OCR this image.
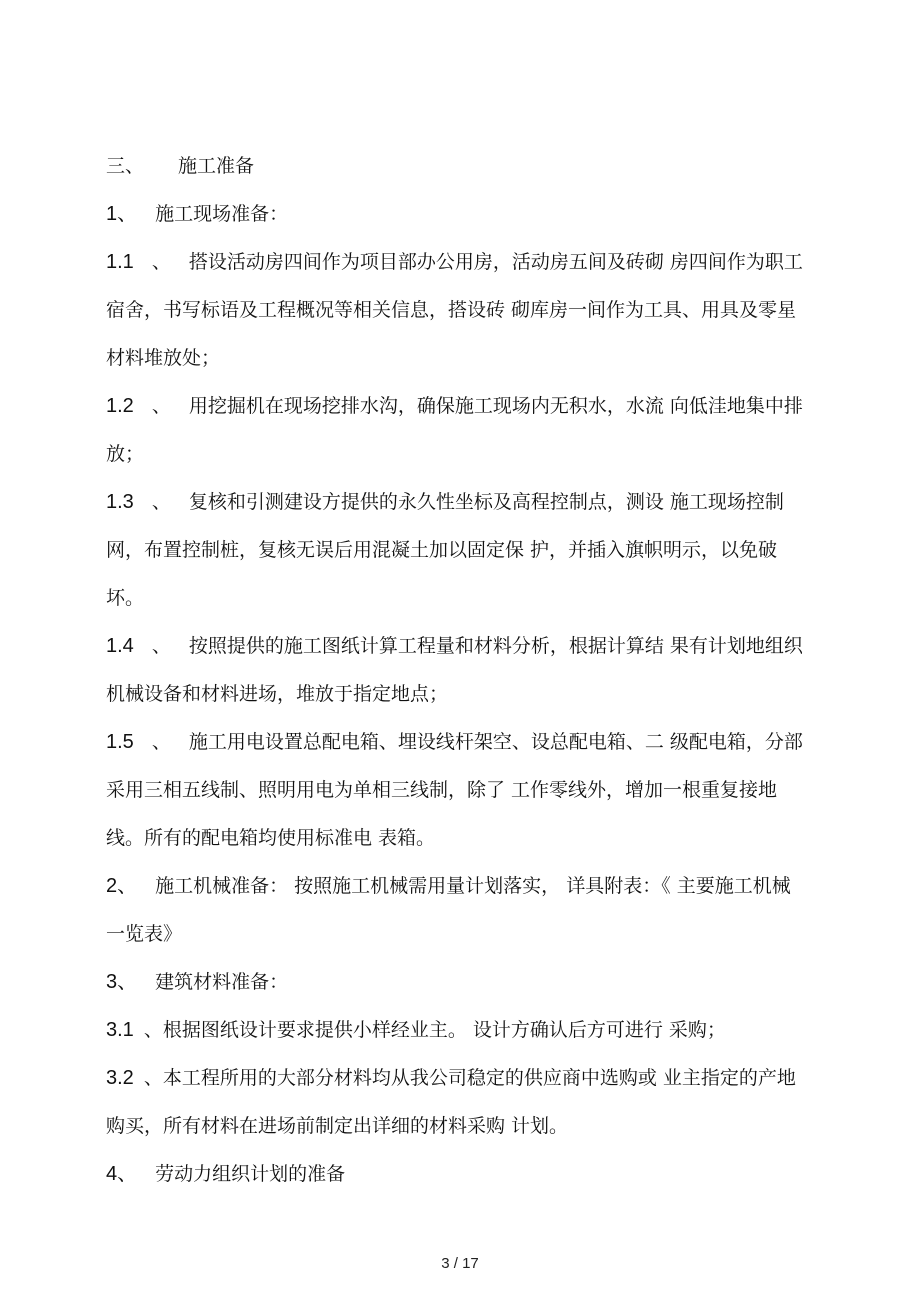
三、 施工准备

1、 施工现场准备：

1.1 、 搭设活动房四间作为项目部办公用房，活动房五间及砖砌 房四间作为职工宿舍，书写标语及工程概况等相关信息，搭设砖 砌库房一间作为工具、用具及零星材料堆放处；

1.2 、 用挖掘机在现场挖排水沟，确保施工现场内无积水，水流 向低洼地集中排放；

1.3 、 复核和引测建设方提供的永久性坐标及高程控制点，测设 施工现场控制网，布置控制桩，复核无误后用混凝土加以固定保 护，并插入旗帜明示，以免破坏。

1.4 、 按照提供的施工图纸计算工程量和材料分析，根据计算结 果有计划地组织机械设备和材料进场，堆放于指定地点；

1.5 、 施工用电设置总配电箱、埋设线杆架空、设总配电箱、二 级配电箱，分部采用三相五线制、照明用电为单相三线制，除了 工作零线外，增加一根重复接地线。所有的配电箱均使用标准电 表箱。

2、 施工机械准备： 按照施工机械需用量计划落实， 详具附表：《 主要施工机械一览表》

3、 建筑材料准备：

3.1 、根据图纸设计要求提供小样经业主。 设计方确认后方可进行 采购；

3.2 、本工程所用的大部分材料均从我公司稳定的供应商中选购或 业主指定的产地购买，所有材料在进场前制定出详细的材料采购 计划。

4、 劳动力组织计划的准备

3 / 17
